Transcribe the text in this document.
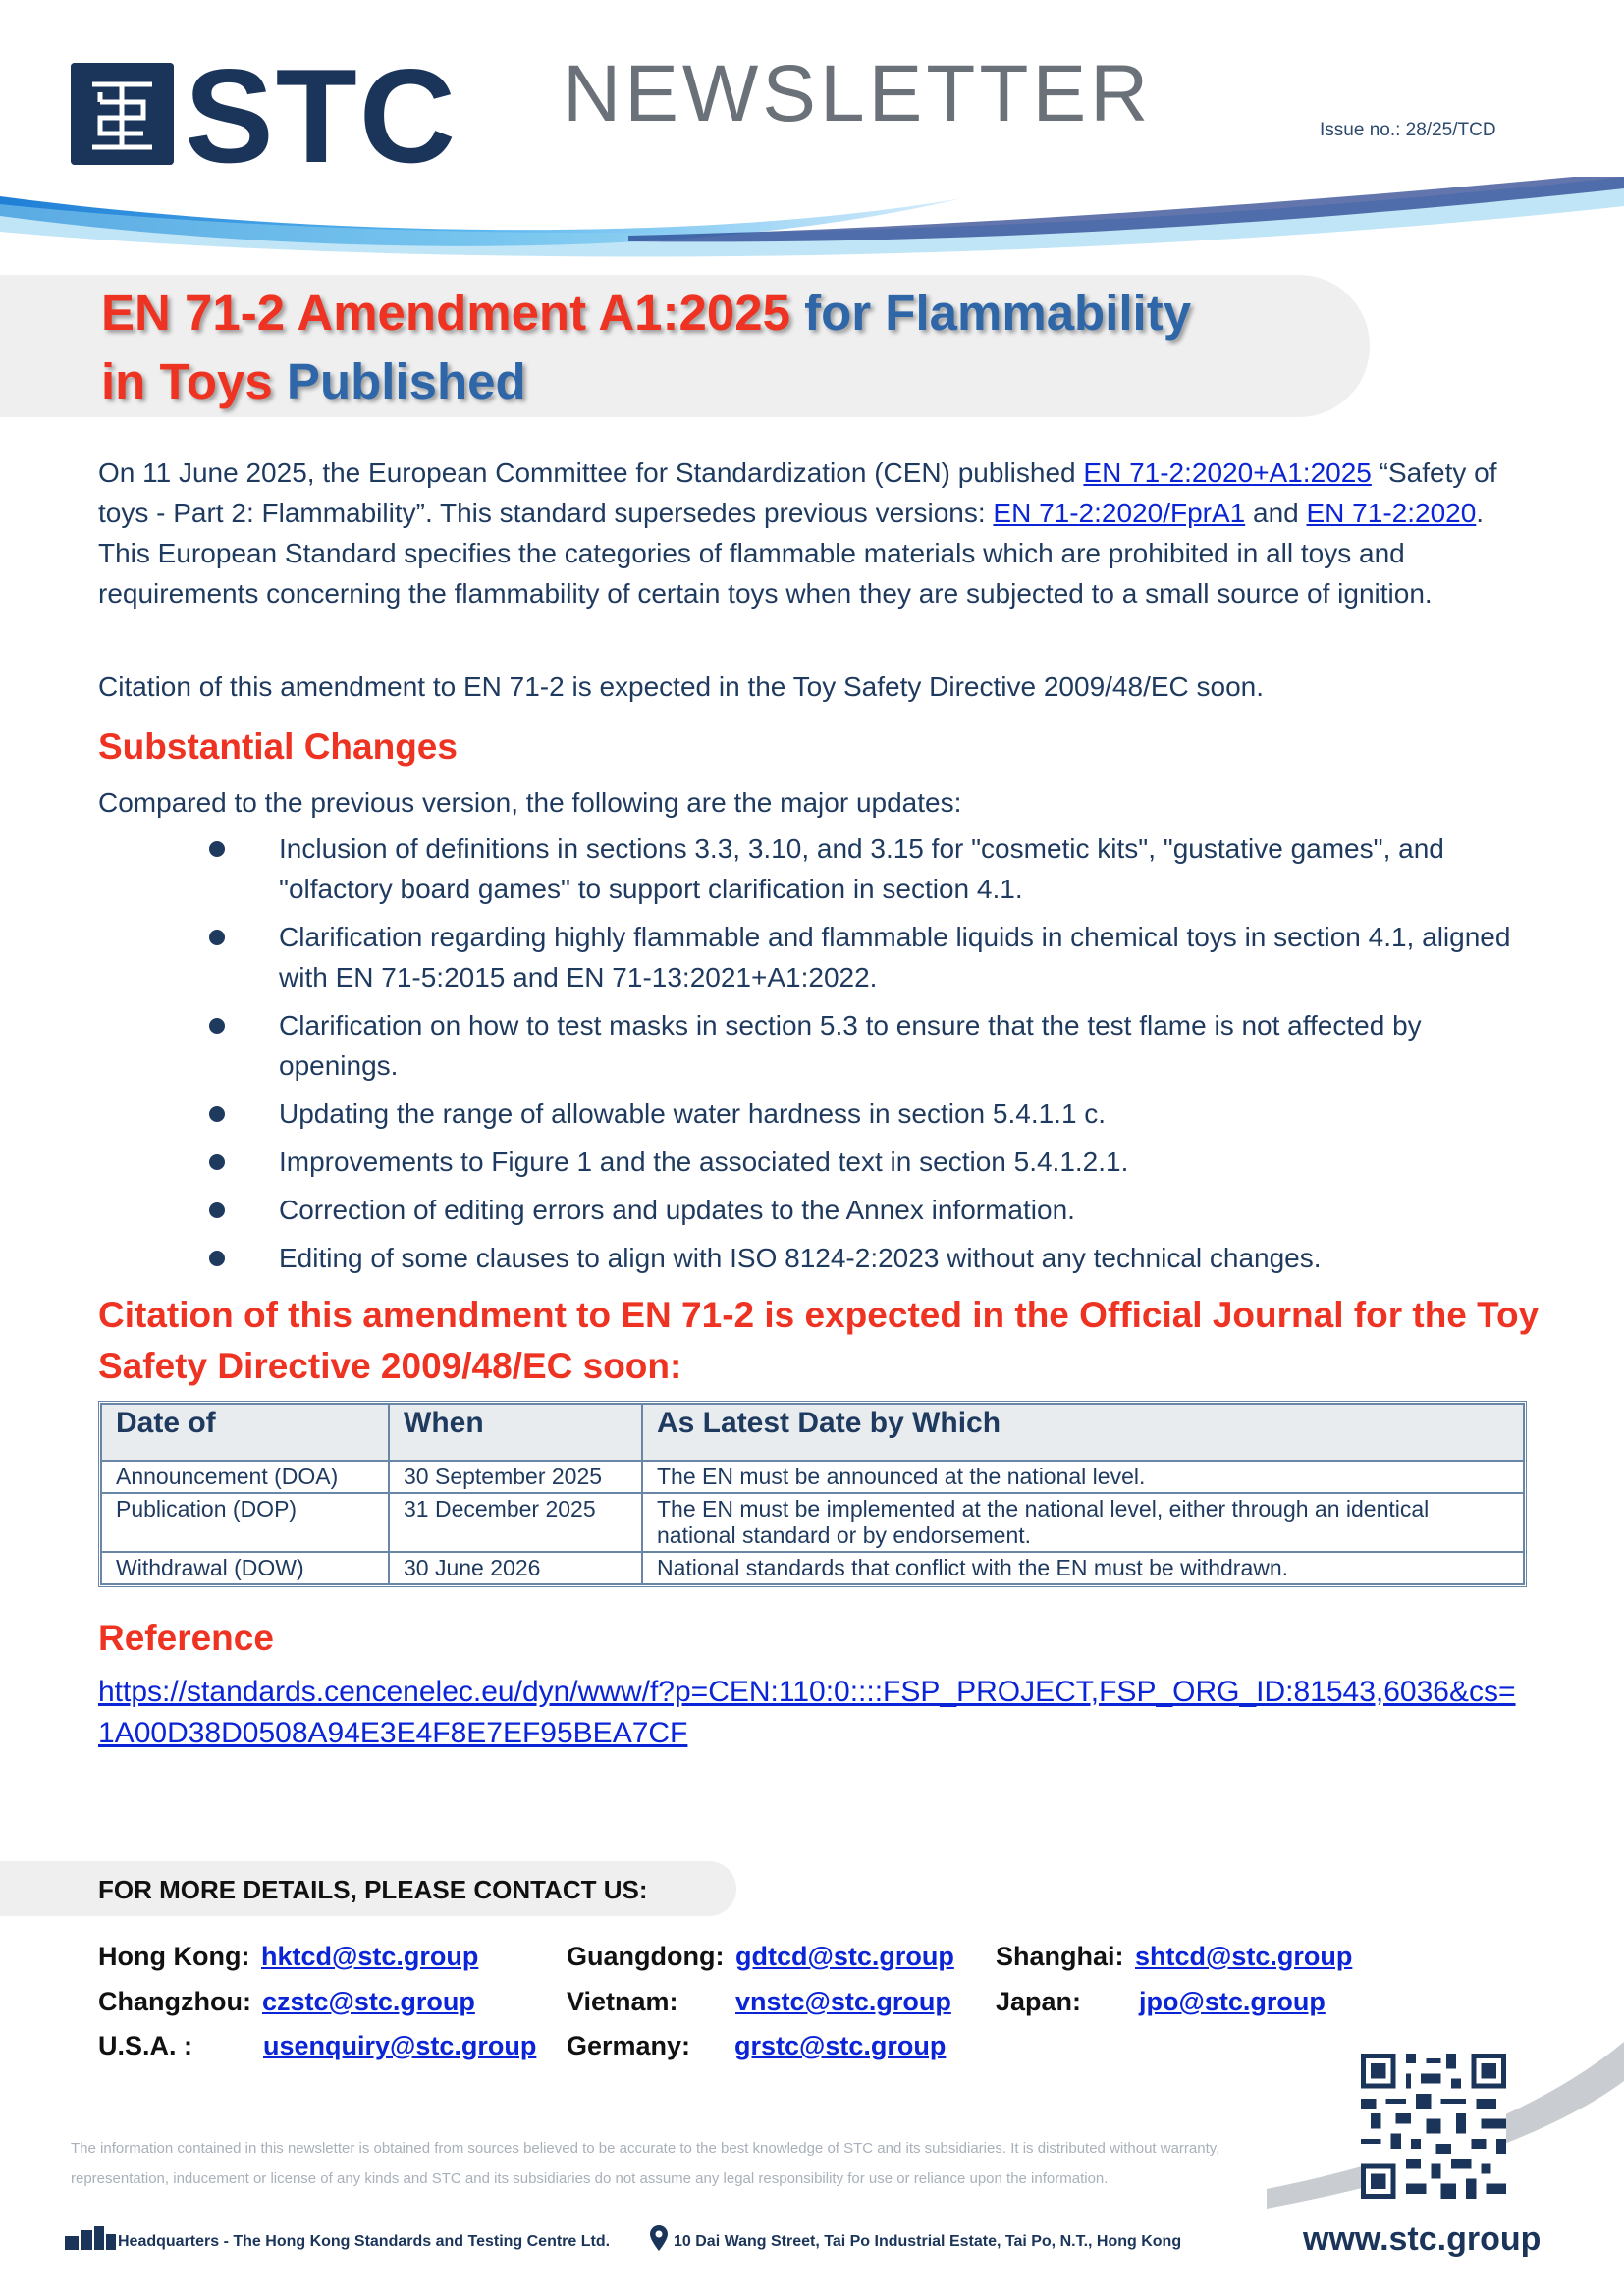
STC NEWSLETTER	Issue no.: 28/25/TCD
EN 71-2 Amendment A1:2025 for Flammability
in Toys Published
On 11 June 2025, the European Committee for Standardization (CEN) published EN 71-2:2020+A1:2025 “Safety of toys - Part 2: Flammability”. This standard supersedes previous versions: EN 71-2:2020/FprA1 and EN 71-2:2020. This European Standard specifies the categories of flammable materials which are prohibited in all toys and requirements concerning the flammability of certain toys when they are subjected to a small source of ignition.
Citation of this amendment to EN 71-2 is expected in the Toy Safety Directive 2009/48/EC soon.
Substantial Changes
Compared to the previous version, the following are the major updates:
Inclusion of definitions in sections 3.3, 3.10, and 3.15 for "cosmetic kits", "gustative games", and "olfactory board games" to support clarification in section 4.1.
Clarification regarding highly flammable and flammable liquids in chemical toys in section 4.1, aligned with EN 71-5:2015 and EN 71-13:2021+A1:2022.
Clarification on how to test masks in section 5.3 to ensure that the test flame is not affected by openings.
Updating the range of allowable water hardness in section 5.4.1.1 c.
Improvements to Figure 1 and the associated text in section 5.4.1.2.1.
Correction of editing errors and updates to the Annex information.
Editing of some clauses to align with ISO 8124-2:2023 without any technical changes.
Citation of this amendment to EN 71-2 is expected in the Official Journal for the Toy Safety Directive 2009/48/EC soon:
Date of	When	As Latest Date by Which
Announcement (DOA)	30 September 2025	The EN must be announced at the national level.
Publication (DOP)	31 December 2025	The EN must be implemented at the national level, either through an identical national standard or by endorsement.
Withdrawal (DOW)	30 June 2026	National standards that conflict with the EN must be withdrawn.
Reference
https://standards.cencenelec.eu/dyn/www/f?p=CEN:110:0::::FSP_PROJECT,FSP_ORG_ID:81543,6036&cs=1A00D38D0508A94E3E4F8E7EF95BEA7CF
FOR MORE DETAILS, PLEASE CONTACT US:
Hong Kong: hktcd@stc.group	Guangdong: gdtcd@stc.group Shanghai: shtcd@stc.group
Changzhou: czstc@stc.group	Vietnam: vnstc@stc.group Japan: jpo@stc.group
U.S.A. :	usenquiry@stc.group Germany: grstc@stc.group
The information contained in this newsletter is obtained from sources believed to be accurate to the best knowledge of STC and its subsidiaries. It is distributed without warranty, representation, inducement or license of any kinds and STC and its subsidiaries do not assume any legal responsibility for use or reliance upon the information.
Headquarters - The Hong Kong Standards and Testing Centre Ltd.	10 Dai Wang Street, Tai Po Industrial Estate, Tai Po, N.T., Hong Kong	www.stc.group
